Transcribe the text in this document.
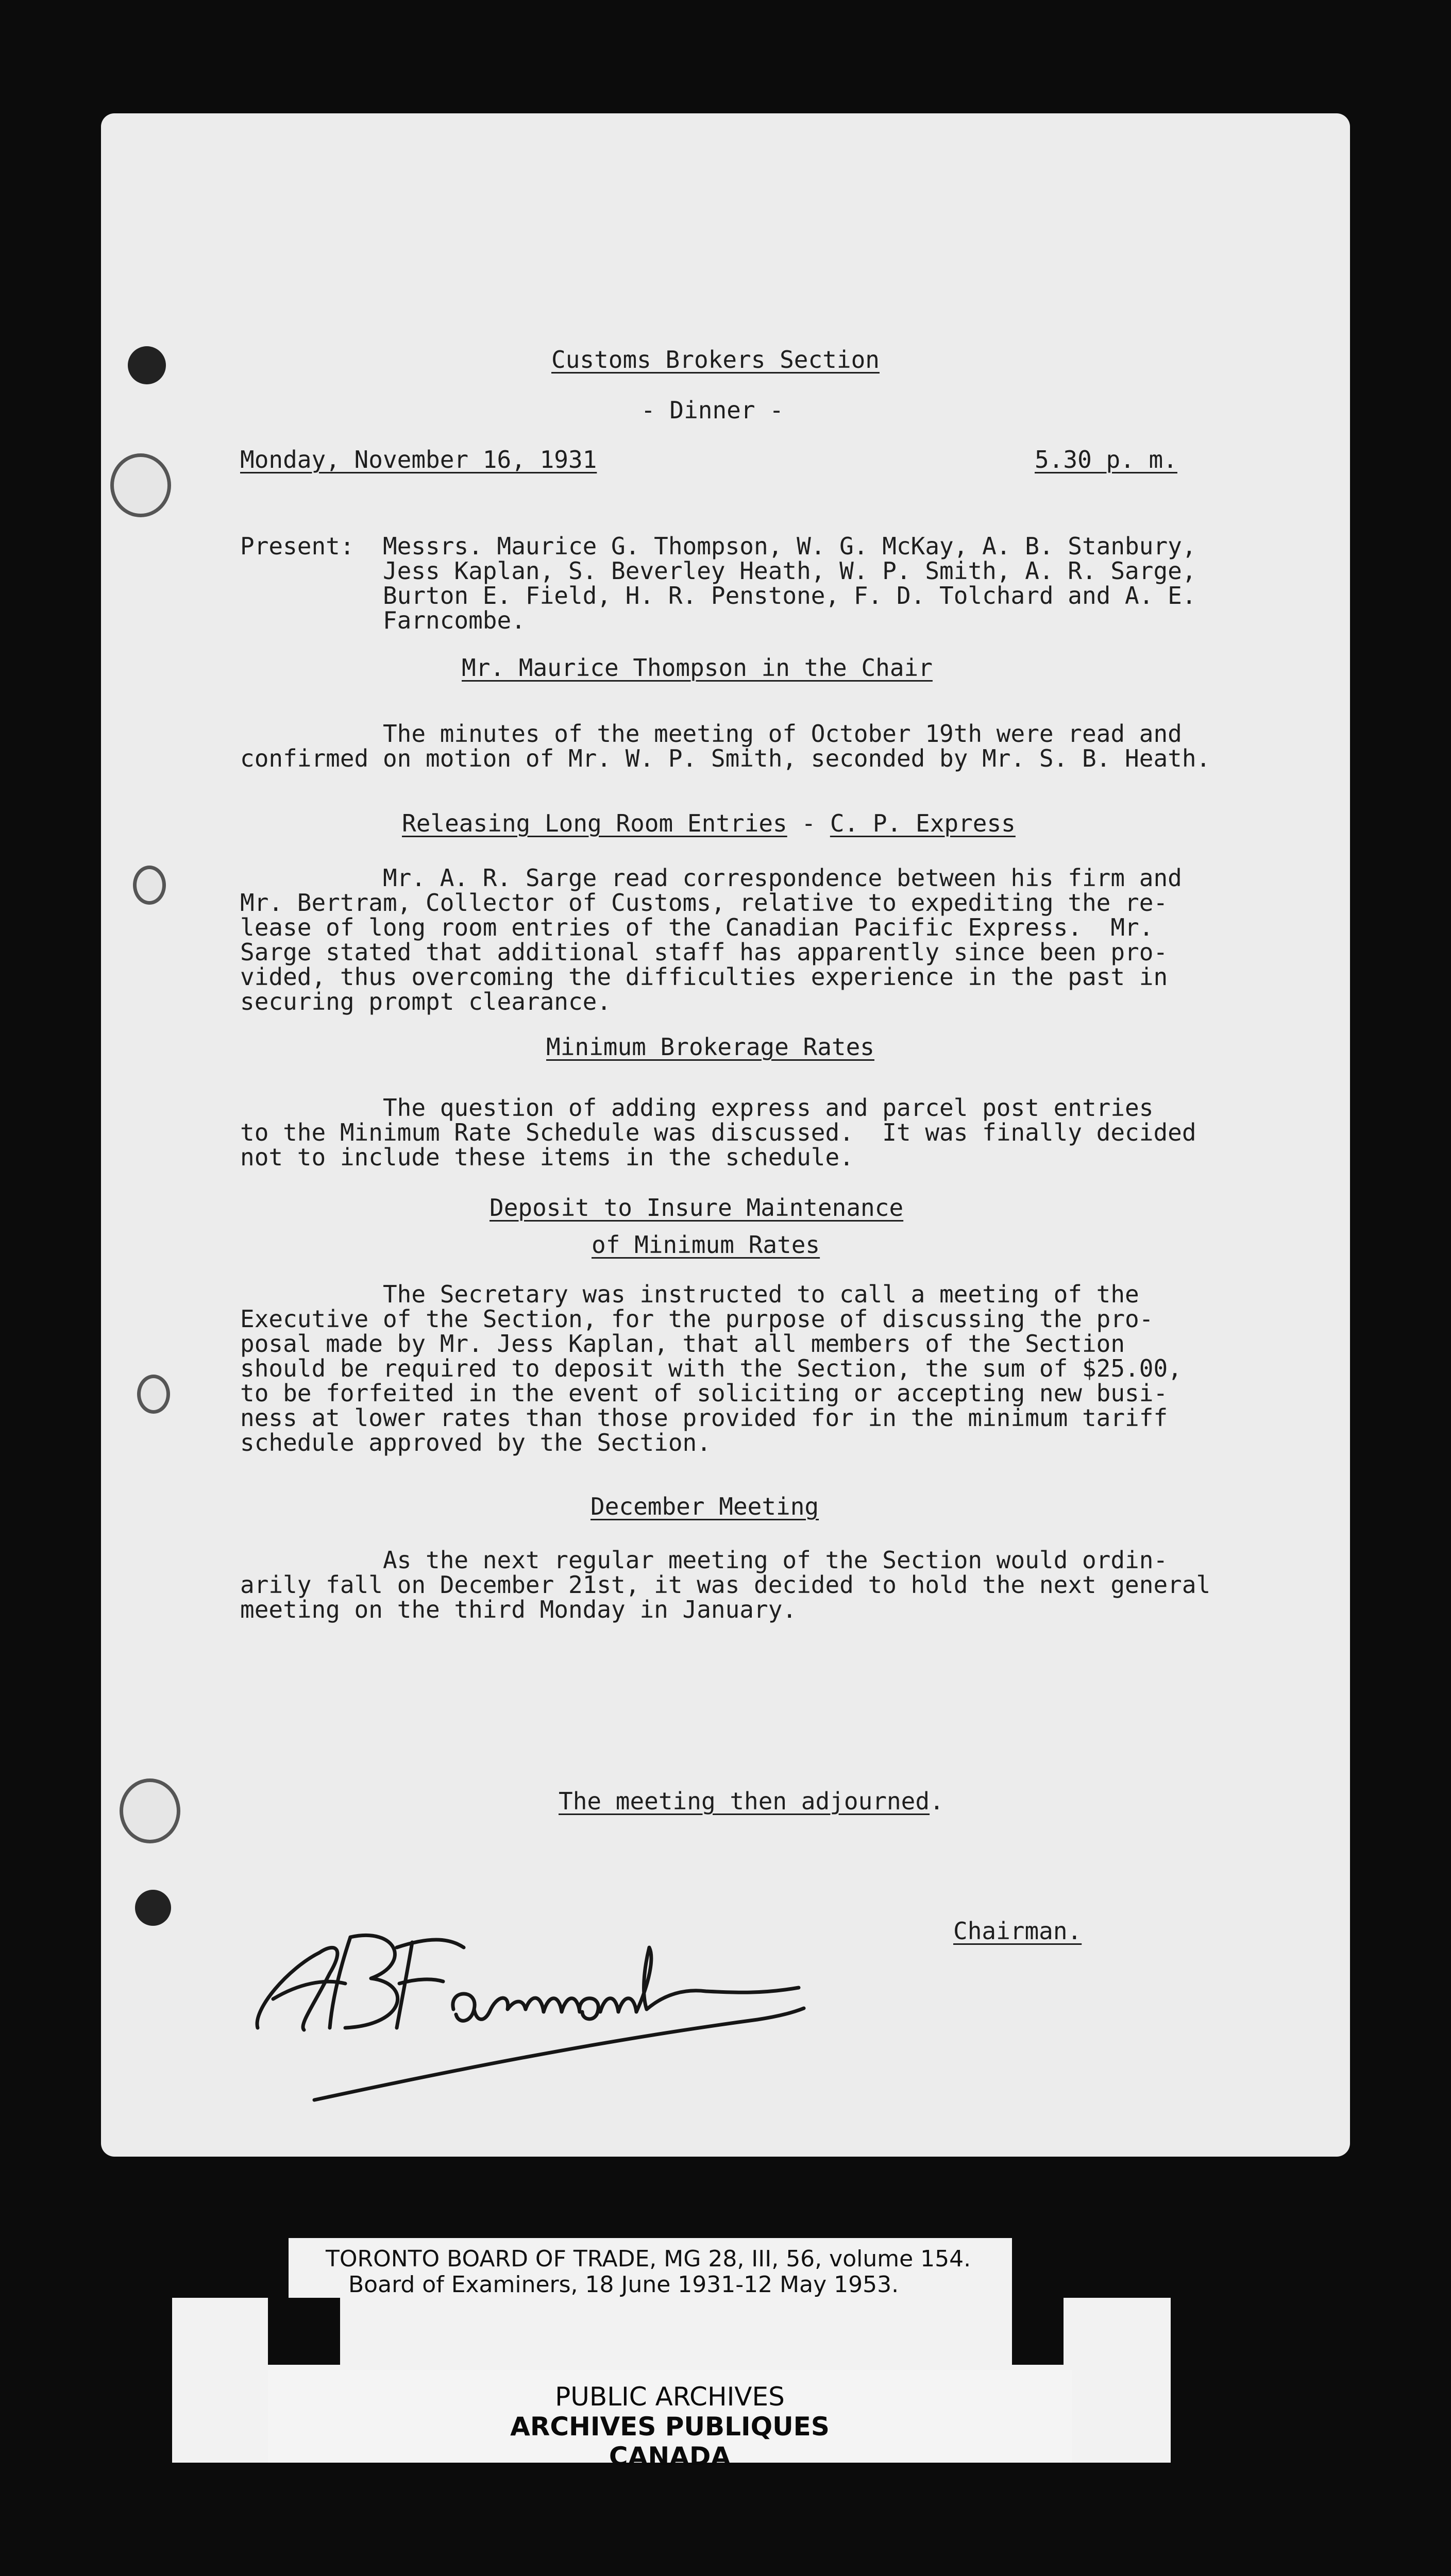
Customs Brokers Section
- Dinner -
Monday, November 16, 1931	5.30 p. m.
Present:  Messrs. Maurice G. Thompson, W. G. McKay, A. B. Stanbury,
Jess Kaplan, S. Beverley Heath, W. P. Smith, A. R. Sarge,
Burton E. Field, H. R. Penstone, F. D. Tolchard and A. E.
Farncombe.
Mr. Maurice Thompson in the Chair
The minutes of the meeting of October 19th were read and
confirmed on motion of Mr. W. P. Smith, seconded by Mr. S. B. Heath.
Releasing Long Room Entries - C. P. Express
Mr. A. R. Sarge read correspondence between his firm and
Mr. Bertram, Collector of Customs, relative to expediting the re-
lease of long room entries of the Canadian Pacific Express.  Mr.
Sarge stated that additional staff has apparently since been pro-
vided, thus overcoming the difficulties experience in the past in
securing prompt clearance.
Minimum Brokerage Rates
The question of adding express and parcel post entries
to the Minimum Rate Schedule was discussed.  It was finally decided
not to include these items in the schedule.
Deposit to Insure Maintenance
of Minimum Rates
The Secretary was instructed to call a meeting of the
Executive of the Section, for the purpose of discussing the pro-
posal made by Mr. Jess Kaplan, that all members of the Section
should be required to deposit with the Section, the sum of $25.00,
to be forfeited in the event of soliciting or accepting new busi-
ness at lower rates than those provided for in the minimum tariff
schedule approved by the Section.
December Meeting
As the next regular meeting of the Section would ordin-
arily fall on December 21st, it was decided to hold the next general
meeting on the third Monday in January.
The meeting then adjourned.
Chairman.
TORONTO BOARD OF TRADE, MG 28, III, 56, volume 154.
Board of Examiners, 18 June 1931-12 May 1953.
PUBLIC ARCHIVES
ARCHIVES PUBLIQUES
CANADA
